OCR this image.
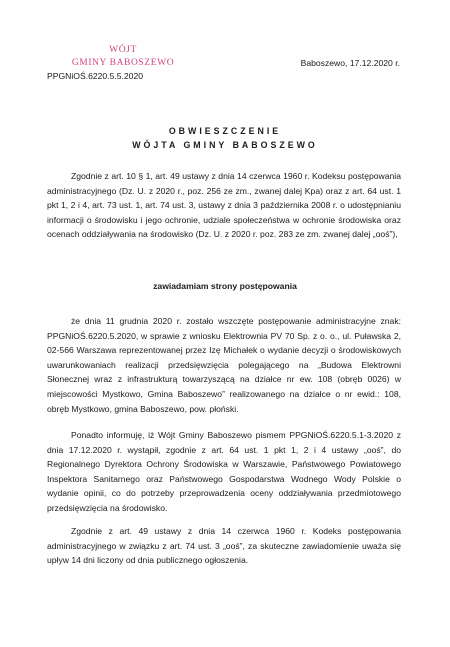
WÓJT
GMINY BABOSZEWO
PPGNiOŚ.6220.5.5.2020
Baboszewo, 17.12.2020 r.
OBWIESZCZENIE
WÓJTA GMINY BABOSZEWO

Zgodnie z art. 10 § 1, art. 49 ustawy z dnia 14 czerwca 1960 r. Kodeksu postępowania administracyjnego (Dz. U. z 2020 r., poz. 256 ze zm., zwanej dalej Kpa) oraz z art. 64 ust. 1 pkt 1, 2 i 4, art. 73 ust. 1, art. 74 ust. 3, ustawy z dnia 3 października 2008 r. o udostępnianiu informacji o środowisku i jego ochronie, udziale społeczeństwa w ochronie środowiska oraz ocenach oddziaływania na środowisko (Dz. U. z 2020 r. poz. 283 ze zm. zwanej dalej „ooś”),

zawiadamiam strony postępowania

że dnia 11 grudnia 2020 r. zostało wszczęte postępowanie administracyjne znak: PPGNiOŚ.6220.5.2020, w sprawie z wniosku Elektrownia PV 70 Sp. z o. o., ul. Puławska 2, 02-566 Warszawa reprezentowanej przez Izę Michałek o wydanie decyzji o środowiskowych uwarunkowaniach realizacji przedsięwzięcia polegającego na „Budowa Elektrowni Słonecznej wraz z infrastrukturą towarzyszącą na działce nr ew. 108 (obręb 0026) w miejscowości Mystkowo, Gmina Baboszewo” realizowanego na działce o nr ewid.: 108, obręb Mystkowo, gmina Baboszewo, pow. płoński.

Ponadto informuję, iż Wójt Gminy Baboszewo pismem PPGNiOŚ.6220.5.1-3.2020 z dnia 17.12.2020 r. wystąpił, zgodnie z art. 64 ust. 1 pkt 1, 2 i 4 ustawy „ooś”, do Regionalnego Dyrektora Ochrony Środowiska w Warszawie, Państwowego Powiatowego Inspektora Sanitarnego oraz Państwowego Gospodarstwa Wodnego Wody Polskie o wydanie opinii, co do potrzeby przeprowadzenia oceny oddziaływania przedmiotowego przedsięwzięcia na środowisko.

Zgodnie z art. 49 ustawy z dnia 14 czerwca 1960 r. Kodeks postępowania administracyjnego w związku z art. 74 ust. 3 „ooś”, za skuteczne zawiadomienie uważa się upływ 14 dni liczony od dnia publicznego ogłoszenia.
